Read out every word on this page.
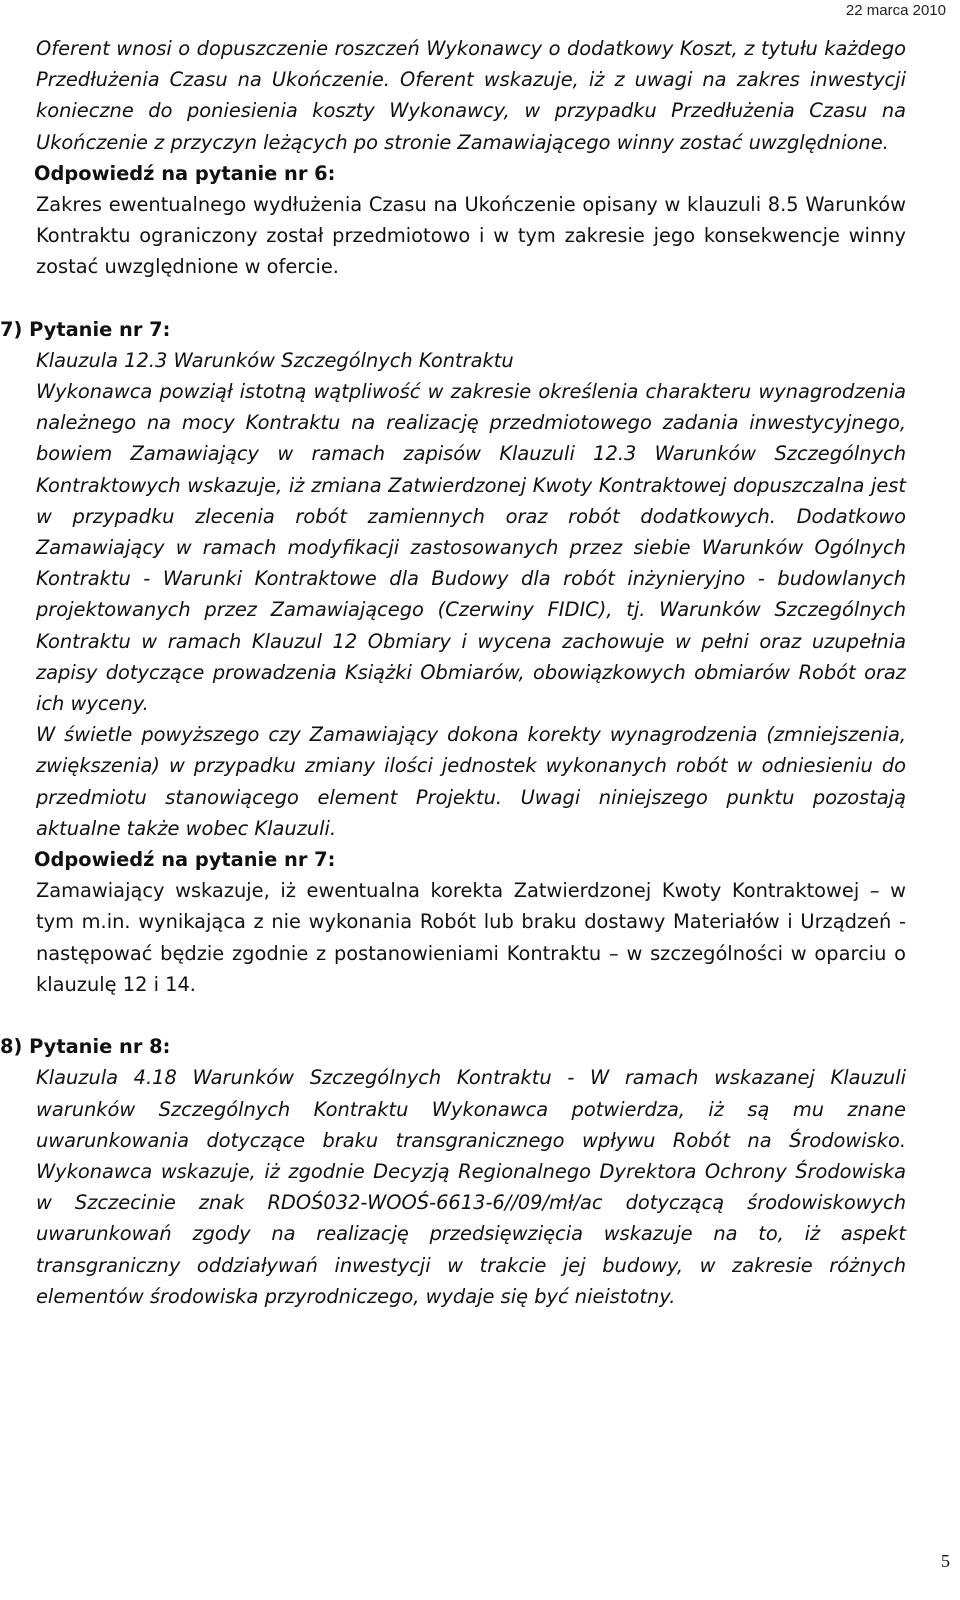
22 marca 2010

Oferent wnosi o dopuszczenie roszczeń Wykonawcy o dodatkowy Koszt, z tytułu każdego Przedłużenia Czasu na Ukończenie. Oferent wskazuje, iż z uwagi na zakres inwestycji konieczne do poniesienia koszty Wykonawcy, w przypadku Przedłużenia Czasu na Ukończenie z przyczyn leżących po stronie Zamawiającego winny zostać uwzględnione.

Odpowiedź na pytanie nr 6:

Zakres ewentualnego wydłużenia Czasu na Ukończenie opisany w klauzuli 8.5 Warunków Kontraktu ograniczony został przedmiotowo i w tym zakresie jego konsekwencje winny zostać uwzględnione w ofercie.

7) Pytanie nr 7:

Klauzula 12.3 Warunków Szczególnych Kontraktu

Wykonawca powziął istotną wątpliwość w zakresie określenia charakteru wynagrodzenia należnego na mocy Kontraktu na realizację przedmiotowego zadania inwestycyjnego, bowiem Zamawiający w ramach zapisów Klauzuli 12.3 Warunków Szczególnych Kontraktowych wskazuje, iż zmiana Zatwierdzonej Kwoty Kontraktowej dopuszczalna jest w przypadku zlecenia robót zamiennych oraz robót dodatkowych. Dodatkowo Zamawiający w ramach modyfikacji zastosowanych przez siebie Warunków Ogólnych Kontraktu - Warunki Kontraktowe dla Budowy dla robót inżynieryjno - budowlanych projektowanych przez Zamawiającego (Czerwiny FIDIC), tj. Warunków Szczególnych Kontraktu w ramach Klauzul 12 Obmiary i wycena zachowuje w pełni oraz uzupełnia zapisy dotyczące prowadzenia Książki Obmiarów, obowiązkowych obmiarów Robót oraz ich wyceny.

W świetle powyższego czy Zamawiający dokona korekty wynagrodzenia (zmniejszenia, zwiększenia) w przypadku zmiany ilości jednostek wykonanych robót w odniesieniu do przedmiotu stanowiącego element Projektu. Uwagi niniejszego punktu pozostają aktualne także wobec Klauzuli.

Odpowiedź na pytanie nr 7:

Zamawiający wskazuje, iż ewentualna korekta Zatwierdzonej Kwoty Kontraktowej – w tym m.in. wynikająca z nie wykonania Robót lub braku dostawy Materiałów i Urządzeń - następować będzie zgodnie z postanowieniami Kontraktu – w szczególności w oparciu o klauzulę 12 i 14.

8) Pytanie nr 8:

Klauzula 4.18 Warunków Szczególnych Kontraktu - W ramach wskazanej Klauzuli warunków Szczególnych Kontraktu Wykonawca potwierdza, iż są mu znane uwarunkowania dotyczące braku transgranicznego wpływu Robót na Środowisko. Wykonawca wskazuje, iż zgodnie Decyzją Regionalnego Dyrektora Ochrony Środowiska w Szczecinie znak RDOŚ032-WOOŚ-6613-6//09/mł/ac dotyczącą środowiskowych uwarunkowań zgody na realizację przedsięwzięcia wskazuje na to, iż aspekt transgraniczny oddziaływań inwestycji w trakcie jej budowy, w zakresie różnych elementów środowiska przyrodniczego, wydaje się być nieistotny.

5
